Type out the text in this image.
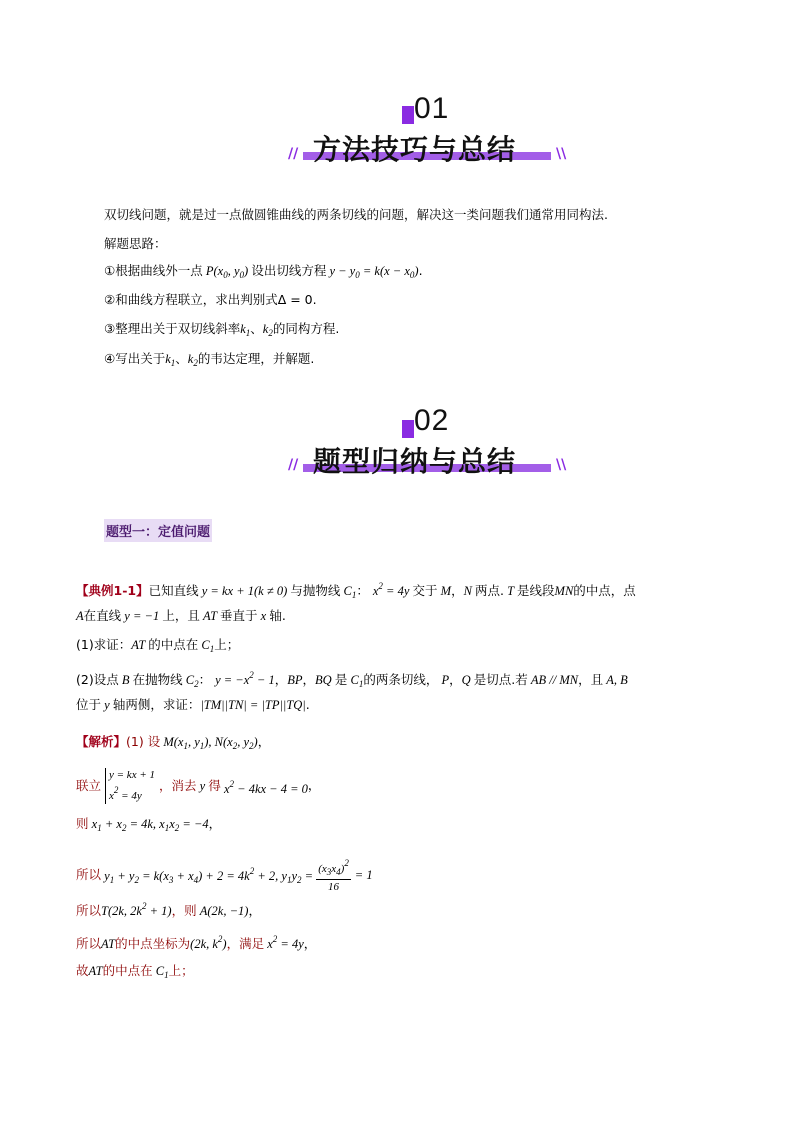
01
//	\\
方法技巧与总结
双切线问题，就是过一点做圆锥曲线的两条切线的问题，解决这一类问题我们通常用同构法.
解题思路：
①根据曲线外一点 $P(x_0$, $y_0$) 设出切线方程 $y - y_0 = k(x - x_0)$.
②和曲线方程联立，求出判别式Δ = 0.
③整理出关于双切线斜率$k_1$、$k_2$的同构方程.
④写出关于$k_1$、$k_2$的韦达定理，并解题.
02
//	\\
题型归纳与总结
题型一：定值问题
【典例1-1】已知直线 y = kx + 1(k ≠ 0) 与抛物线 $C_1$： $x^2 = 4y$ 交于 M，N 两点. T 是线段MN的中点，点
A在直线 y = −1 上，且 AT 垂直于 x 轴.
(1)求证：AT 的中点在 $C_1$上；
(2)设点 B 在抛物线 $C_2$： $y = -x^2 - 1$，BP，BQ 是 $C_1$的两条切线， P，Q 是切点.若 AB // MN，且 A, B
位于 y 轴两侧，求证：|TM||TN| = |TP||TQ|.
【解析】(1) 设 $M(x_1$, $y_1$), $N(x_2$, $y_2$)，
联立 y = kx + 1
$x^2 = 4y$ ，消去 y 得 $x^2 - 4kx - 4 = 0$，
则 $x_1 + x_2 = 4k$, $x_1x_2 = -4$，
所以 $y_1 + y_2 = k(x_3 + x_4) + 2 = 4k^2 + 2$, $y_1y_2 = \frac{(x_3x_4)^2}{16} = 1$
所以T(2k, $2k^2 + 1$)，则 A(2k, −1)，
所以AT的中点坐标为(2k, $k^2$)，满足 $x^2 = 4y$，
故AT的中点在 $C_1$上；
